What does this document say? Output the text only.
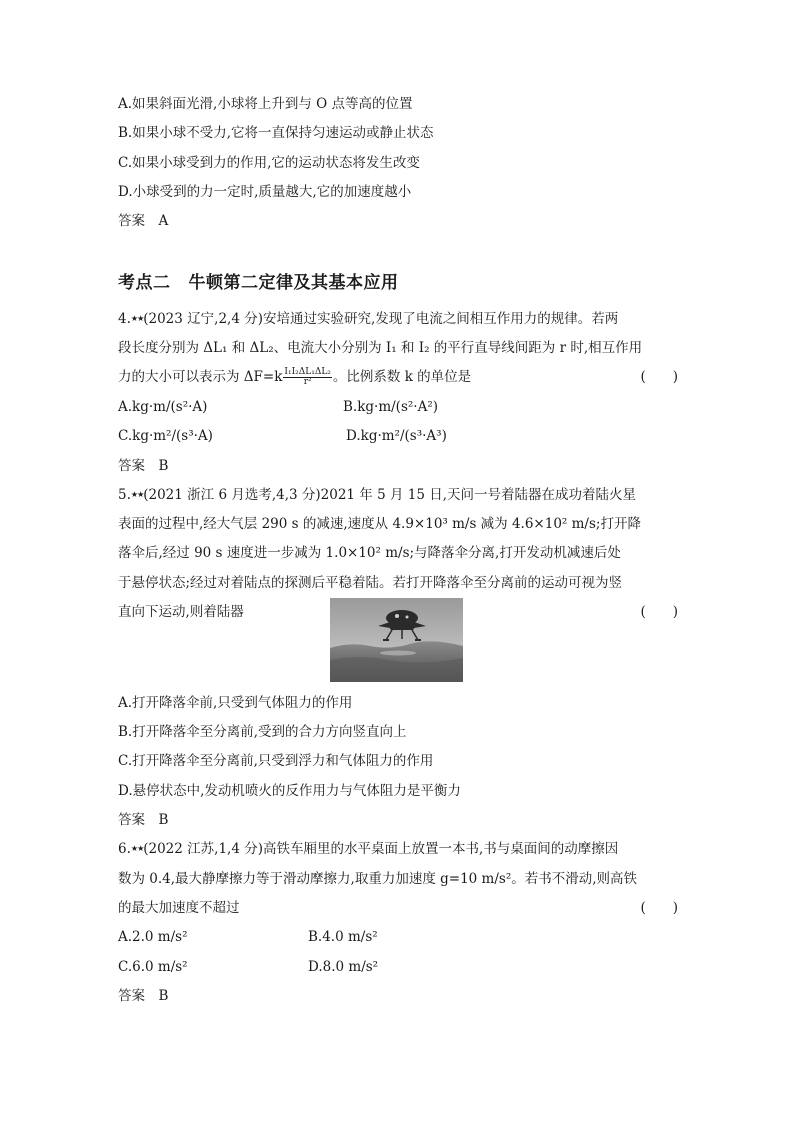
A.如果斜面光滑,小球将上升到与 O 点等高的位置
B.如果小球不受力,它将一直保持匀速运动或静止状态
C.如果小球受到力的作用,它的运动状态将发生改变
D.小球受到的力一定时,质量越大,它的加速度越小
答案　A
考点二 牛顿第二定律及其基本应用
4.★★(2023 辽宁,2,4 分)安培通过实验研究,发现了电流之间相互作用力的规律。若两
段长度分别为 ΔL₁ 和 ΔL₂、电流大小分别为 I₁ 和 I₂ 的平行直导线间距为 r 时,相互作用
力的大小可以表示为 $\Delta F=k \frac{\text{I₁I₂ΔL₁ΔL₂}}{\text{r²}}$ 。比例系数 k 的单位是	(　　)
A.kg·m/(s²·A)	B.kg·m/(s²·A²)
C.kg·m²/(s³·A)	D.kg·m²/(s³·A³)
答案　B
5.★★(2021 浙江 6 月选考,4,3 分)2021 年 5 月 15 日,天问一号着陆器在成功着陆火星
表面的过程中,经大气层 290 s 的减速,速度从 4.9×10³ m/s 减为 4.6×10² m/s;打开降
落伞后,经过 90 s 速度进一步减为 1.0×10² m/s;与降落伞分离,打开发动机减速后处
于悬停状态;经过对着陆点的探测后平稳着陆。若打开降落伞至分离前的运动可视为竖
直向下运动,则着陆器	(　　)
A.打开降落伞前,只受到气体阻力的作用
B.打开降落伞至分离前,受到的合力方向竖直向上
C.打开降落伞至分离前,只受到浮力和气体阻力的作用
D.悬停状态中,发动机喷火的反作用力与气体阻力是平衡力
答案　B
6.★★(2022 江苏,1,4 分)高铁车厢里的水平桌面上放置一本书,书与桌面间的动摩擦因
数为 0.4,最大静摩擦力等于滑动摩擦力,取重力加速度 g=10 m/s²。若书不滑动,则高铁
的最大加速度不超过	(　　)
A.2.0 m/s²	B.4.0 m/s²
C.6.0 m/s²	D.8.0 m/s²
答案　B
